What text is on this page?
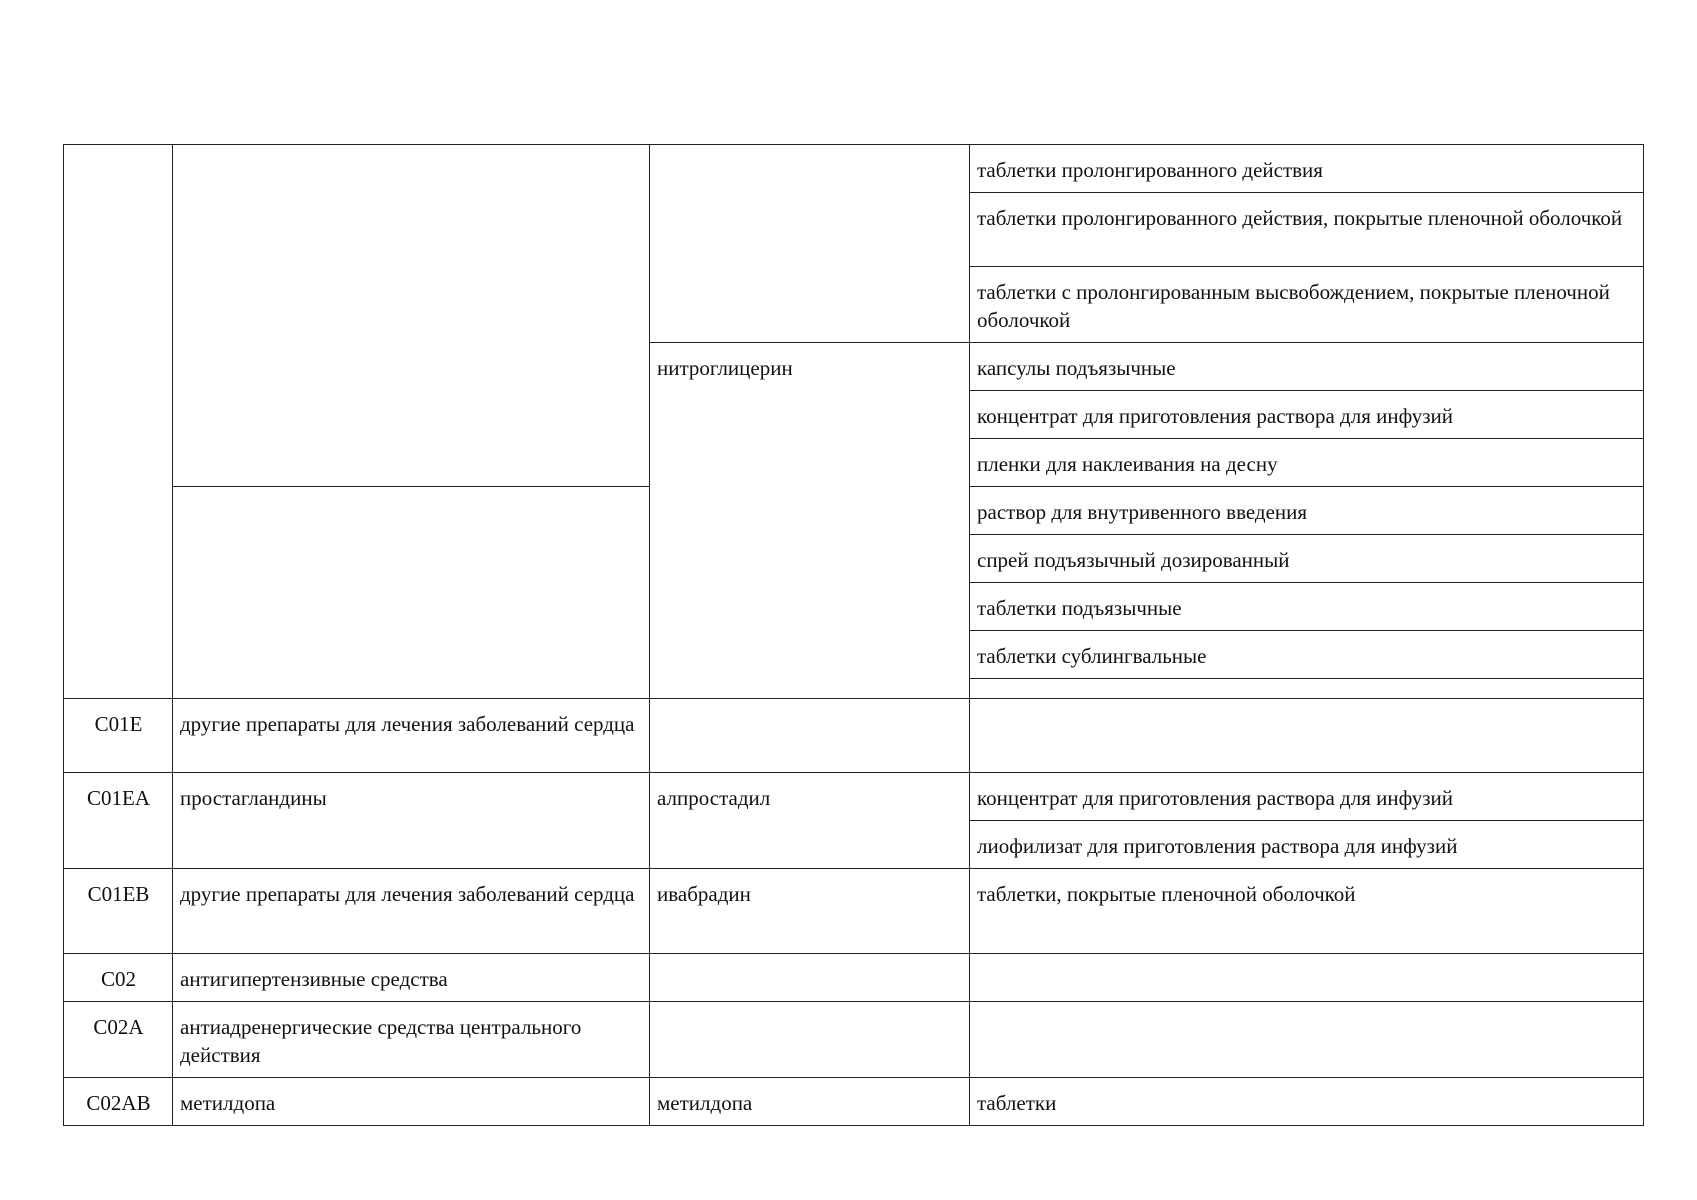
			таблетки пролонгированного действия
			таблетки пролонгированного действия, покрытые пленочной оболочкой
			таблетки с пролонгированным высвобождением, покрытые пленочной оболочкой
		нитроглицерин	капсулы подъязычные
			концентрат для приготовления раствора для инфузий
			пленки для наклеивания на десну
			раствор для внутривенного введения
			спрей подъязычный дозированный
			таблетки подъязычные
			таблетки сублингвальные

C01E	другие препараты для лечения заболеваний сердца		
C01EA	простагландины	алпростадил	концентрат для приготовления раствора для инфузий
			лиофилизат для приготовления раствора для инфузий
C01EB	другие препараты для лечения заболеваний сердца	ивабрадин	таблетки, покрытые пленочной оболочкой
C02	антигипертензивные средства		
C02A	антиадренергические средства центрального действия		
C02AB	метилдопа	метилдопа	таблетки
